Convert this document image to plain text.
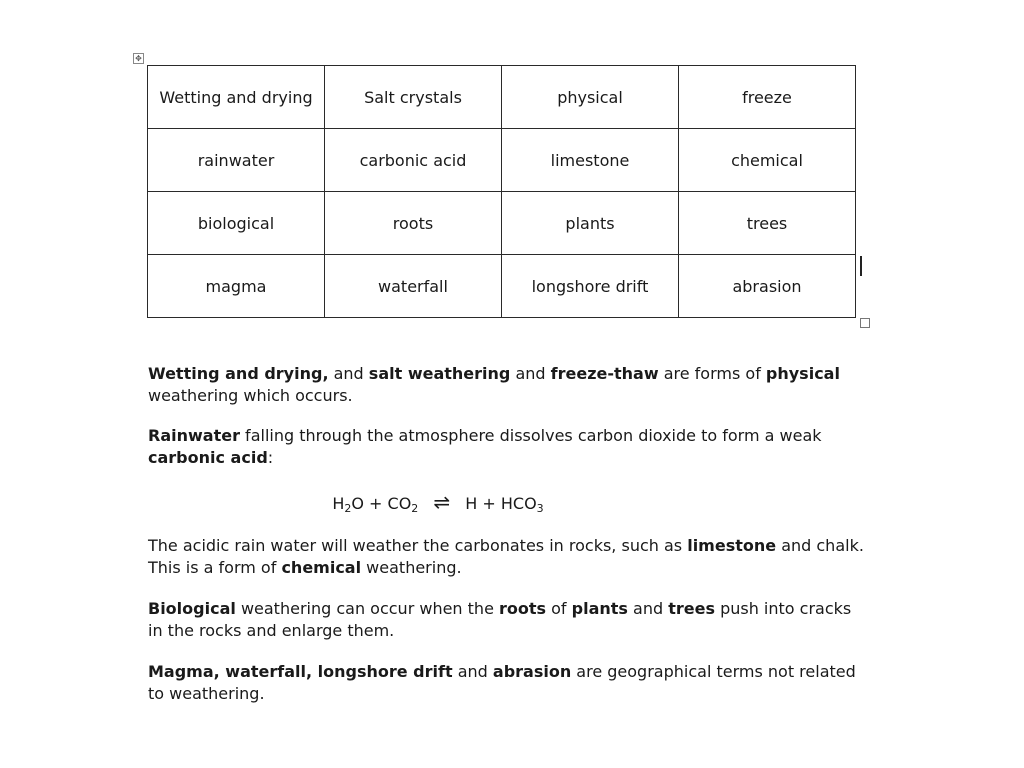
✥
Wetting and drying	Salt crystals	physical	freeze
rainwater	carbonic acid	limestone	chemical
biological	roots	plants	trees
magma	waterfall	longshore drift	abrasion

Wetting and drying, and salt weathering and freeze-thaw are forms of physical weathering which occurs.

Rainwater falling through the atmosphere dissolves carbon dioxide to form a weak carbonic acid:

$H_2O + CO_2$ ⇌ $H + HCO_3$

The acidic rain water will weather the carbonates in rocks, such as limestone and chalk. This is a form of chemical weathering.

Biological weathering can occur when the roots of plants and trees push into cracks in the rocks and enlarge them.

Magma, waterfall, longshore drift and abrasion are geographical terms not related to weathering.
